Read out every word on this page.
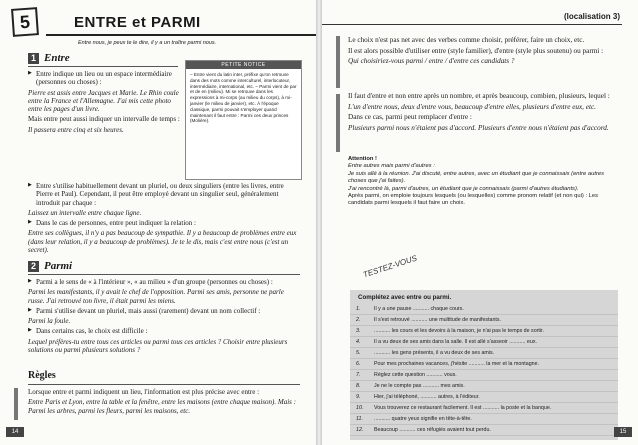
5	ENTRE et PARMI
Entre nous, je peux te le dire, il y a un traître parmi nous.
1 Entre

▶ Entre indique un lieu ou un espace intermédiaire (personnes ou choses) :

Pierre est assis entre Jacques et Marie. Le Rhin coule entre la France et l'Allemagne. J'ai mis cette photo entre les pages d'un livre.

Mais entre peut aussi indiquer un intervalle de temps :

Il passera entre cinq et six heures.

PETITE NOTICE
– Entre vient du latin inter, préfixe qu'on retrouve dans des mots comme interculturel, interlocuteur, intermédiaire, international, etc. – Parmi vient de par et de en (milieu). Mi se retrouve dans les expressions à mi-corps (au milieu du corps), à mi-janvier (le milieu de janvier), etc. À l'époque classique, parmi pouvait s'employer quand maintenant il faut entre : Parmi ces deux princes (Molière).

▶ Entre s'utilise habituellement devant un pluriel, ou deux singuliers (entre les livres, entre Pierre et Paul). Cependant, il peut être employé devant un singulier seul, généralement introduit par chaque :

Laissez un intervalle entre chaque ligne.

▶ Dans le cas de personnes, entre peut indiquer la relation :

Entre ses collègues, il n'y a pas beaucoup de sympathie. Il y a beaucoup de problèmes entre eux (dans leur relation, il y a beaucoup de problèmes). Je te le dis, mais c'est entre nous (c'est un secret).

2 Parmi

▶ Parmi a le sens de « à l'intérieur », « au milieu » d'un groupe (personnes ou choses) :

Parmi les manifestants, il y avait le chef de l'opposition. Parmi ses amis, personne ne parle russe. J'ai retrouvé ton livre, il était parmi les miens.

▶ Parmi s'utilise devant un pluriel, mais aussi (rarement) devant un nom collectif :

Parmi la foule.

▶ Dans certains cas, le choix est difficile :

Lequel préfères-tu entre tous ces articles ou parmi tous ces articles ? Choisir entre plusieurs solutions ou parmi plusieurs solutions ?

Règles

Lorsque entre et parmi indiquent un lieu, l'information est plus précise avec entre :

Entre Paris et Lyon, entre la table et la fenêtre, entre les maisons (entre chaque maison). Mais : Parmi les arbres, parmi les fleurs, parmi les maisons, etc.

14
(localisation 3)

Le choix n'est pas net avec des verbes comme choisir, préférer, faire un choix, etc.

Il est alors possible d'utiliser entre (style familier), d'entre (style plus soutenu) ou parmi :

Qui choisiriez-vous parmi / entre / d'entre ces candidats ?

Il faut d'entre et non entre après un nombre, et après beaucoup, combien, plusieurs, lequel :

L'un d'entre nous, deux d'entre vous, beaucoup d'entre elles, plusieurs d'entre eux, etc.

Dans ce cas, parmi peut remplacer d'entre :

Plusieurs parmi nous n'étaient pas d'accord. Plusieurs d'entre nous n'étaient pas d'accord.

Attention !
Entre autres mais parmi d'autres :
Je suis allé à la réunion. J'ai discuté, entre autres, avec un étudiant que je connaissais (entre autres choses que j'ai faites).
J'ai rencontré là, parmi d'autres, un étudiant que je connaissais (parmi d'autres étudiants).
Après parmi, on emploie toujours lesquels (ou lesquelles) comme pronom relatif (et non qui) : Les candidats parmi lesquels il faut faire un choix.
TESTEZ-VOUS
Complétez avec entre ou parmi.
1.	Il y a une pause ........... chaque cours.
2.	Il s'est retrouvé ........... une multitude de manifestants.
3.	........... les cours et les devoirs à la maison, je n'ai pas le temps de sortir.
4.	Il a vu deux de ses amis dans la salle. Il est allé s'asseoir ........... eux.
5.	........... les gens présents, il a vu deux de ses amis.
6.	Pour mes prochaines vacances, j'hésite ........... la mer et la montagne.
7.	Réglez cette question ........... vous.
8.	Je ne le compte pas ........... mes amis.
9.	Hier, j'ai téléphoné, ........... autres, à l'éditeur.
10.	Vous trouverez ce restaurant facilement. Il est ........... la poste et la banque.
11.	........... quatre yeux signifie en tête-à-tête.
12.	Beaucoup ........... ces réfugiés avaient tout perdu.	15
